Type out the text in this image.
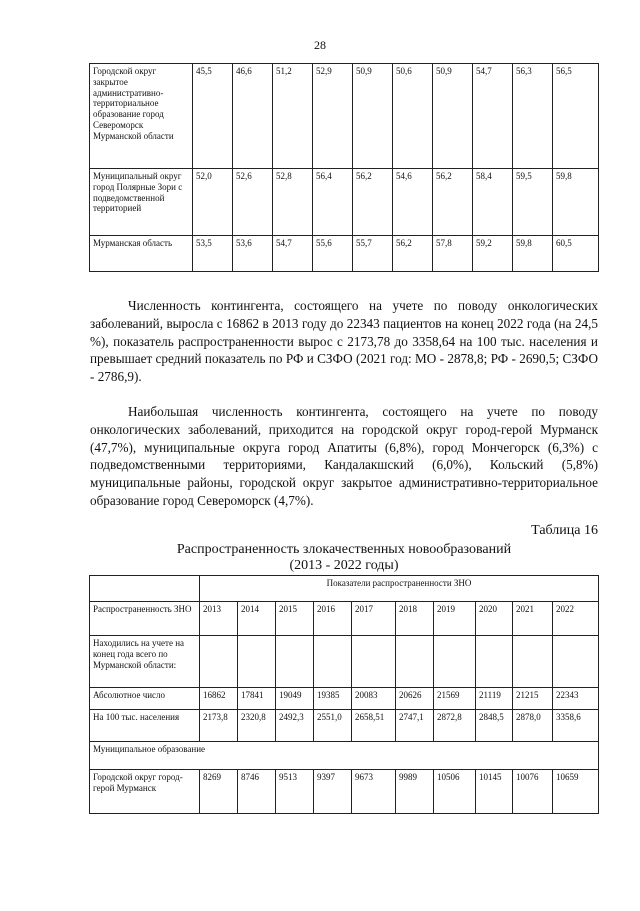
28
Городской округ закрытое административно-территориальное образование город Североморск Мурманской области	45,5	46,6	51,2	52,9	50,9	50,6	50,9	54,7	56,3	56,5
Муниципальный округ город Полярные Зори с подведомственной территорией	52,0	52,6	52,8	56,4	56,2	54,6	56,2	58,4	59,5	59,8
Мурманская область	53,5	53,6	54,7	55,6	55,7	56,2	57,8	59,2	59,8	60,5

Численность контингента, состоящего на учете по поводу онкологических заболеваний, выросла с 16862 в 2013 году до 22343 пациентов на конец 2022 года (на 24,5 %), показатель распространенности вырос с 2173,78 до 3358,64 на 100 тыс. населения и превышает средний показатель по РФ и СЗФО (2021 год: МО - 2878,8; РФ - 2690,5; СЗФО - 2786,9).

Наибольшая численность контингента, состоящего на учете по поводу онкологических заболеваний, приходится на городской округ город-герой Мурманск (47,7%), муниципальные округа город Апатиты (6,8%), город Мончегорск (6,3%) с подведомственными территориями, Кандалакшский (6,0%), Кольский (5,8%) муниципальные районы, городской округ закрытое административно-территориальное образование город Североморск (4,7%).

Таблица 16
Распространенность злокачественных новообразований
(2013 - 2022 годы)
	Показатели распространенности ЗНО									
Распространенность ЗНО	2013	2014	2015	2016	2017	2018	2019	2020	2021	2022
Находились на учете на конец года всего по Мурманской области:										
Абсолютное число	16862	17841	19049	19385	20083	20626	21569	21119	21215	22343
На 100 тыс. населения	2173,8	2320,8	2492,3	2551,0	2658,51	2747,1	2872,8	2848,5	2878,0	3358,6
Муниципальное образование										
Городской округ город-герой Мурманск	8269	8746	9513	9397	9673	9989	10506	10145	10076	10659
